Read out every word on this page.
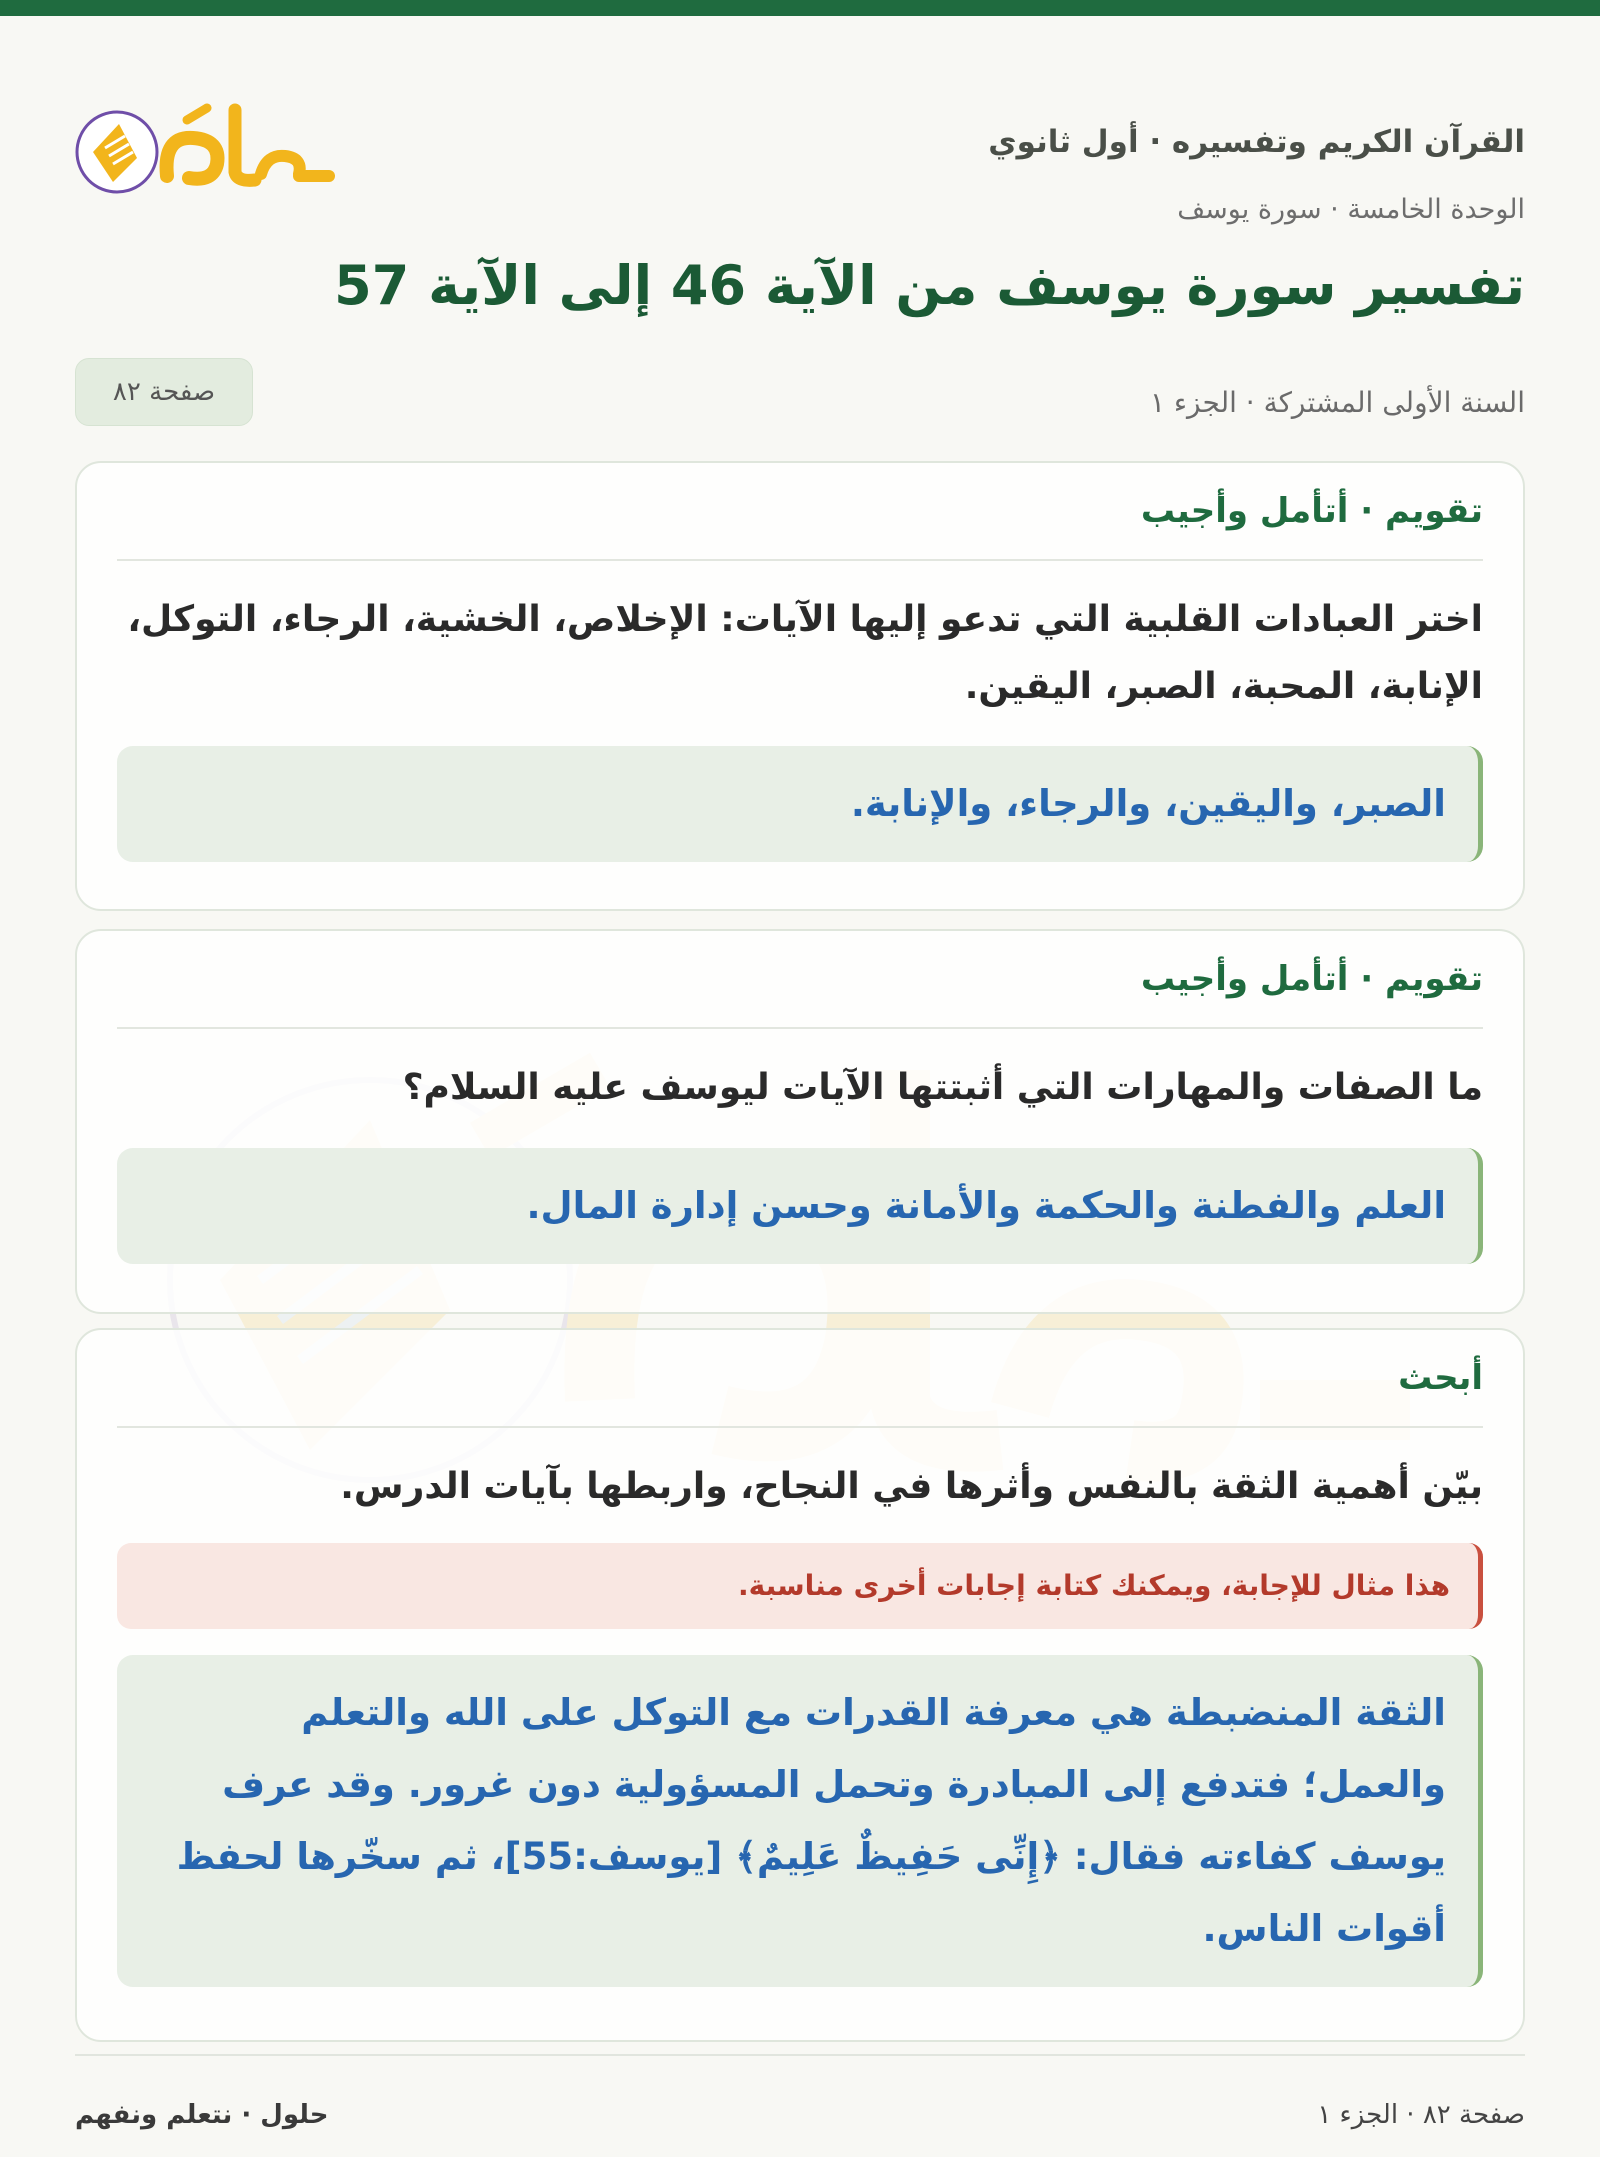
القرآن الكريم وتفسيره · أول ثانوي
الوحدة الخامسة · سورة يوسف
تفسير سورة يوسف من الآية 46 إلى الآية 57
السنة الأولى المشتركة · الجزء ١
صفحة ٨٢
تقويم · أتأمل وأجيب

اختر العبادات القلبية التي تدعو إليها الآيات: الإخلاص، الخشية، الرجاء، التوكل، الإنابة، المحبة، الصبر، اليقين.

الصبر، واليقين، والرجاء، والإنابة.
تقويم · أتأمل وأجيب

ما الصفات والمهارات التي أثبتتها الآيات ليوسف عليه السلام؟

العلم والفطنة والحكمة والأمانة وحسن إدارة المال.
أبحث

بيّن أهمية الثقة بالنفس وأثرها في النجاح، واربطها بآيات الدرس.

هذا مثال للإجابة، ويمكنك كتابة إجابات أخرى مناسبة.
الثقة المنضبطة هي معرفة القدرات مع التوكل على الله والتعلم والعمل؛ فتدفع إلى المبادرة وتحمل المسؤولية دون غرور. وقد عرف يوسف كفاءته فقال: ﴿إِنِّى حَفِيظٌ عَلِيمٌ﴾ [يوسف:55]، ثم سخّرها لحفظ أقوات الناس.
صفحة ٨٢ · الجزء ١
حلول · نتعلم ونفهم
